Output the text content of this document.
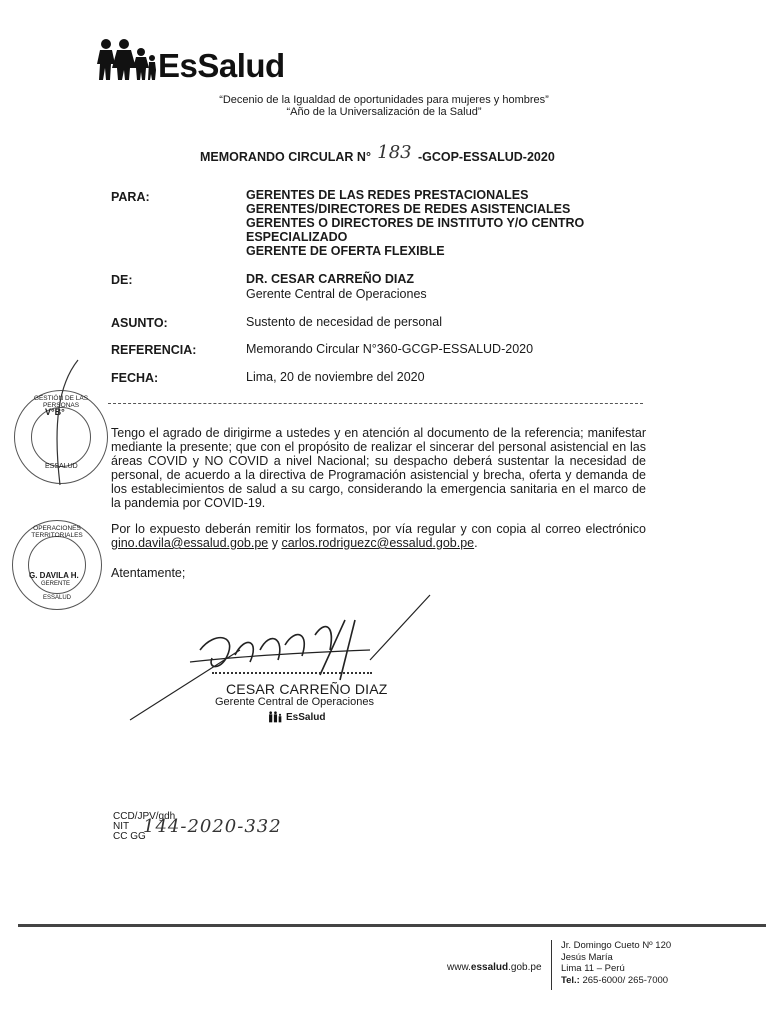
EsSalud
“Decenio de la Igualdad de oportunidades para mujeres y hombres”
“Año de la Universalización de la Salud”
MEMORANDO CIRCULAR N° 183 -GCOP-ESSALUD-2020
PARA:	GERENTES DE LAS REDES PRESTACIONALES
GERENTES/DIRECTORES DE REDES ASISTENCIALES
GERENTES O DIRECTORES DE INSTITUTO Y/O CENTRO
ESPECIALIZADO
GERENTE DE OFERTA FLEXIBLE
DE:	DR. CESAR CARREÑO DIAZ
Gerente Central de Operaciones
ASUNTO:	Sustento de necesidad de personal
REFERENCIA:	Memorando Circular N°360-GCGP-ESSALUD-2020
FECHA:	Lima, 20 de noviembre del 2020
GESTIÓN DE LAS PERSONAS
V°B°
ESSALUD
OPERACIONES TERRITORIALES
G. DAVILA H.
GERENTE
ESSALUD
Tengo el agrado de dirigirme a ustedes y en atención al documento de la referencia; manifestar mediante la presente; que con el propósito de realizar el sincerar del personal asistencial en las áreas COVID y NO COVID a nivel Nacional; su despacho deberá sustentar la necesidad de personal, de acuerdo a la directiva de Programación asistencial y brecha, oferta y demanda de los establecimientos de salud a su cargo, considerando la emergencia sanitaria en el marco de la pandemia por COVID-19.
Por lo expuesto deberán remitir los formatos, por vía regular y con copia al correo electrónico gino.davila@essalud.gob.pe y carlos.rodriguezc@essalud.gob.pe.
Atentamente;
CESAR CARREÑO DIAZ
Gerente Central de Operaciones
EsSalud
CCD/JPV/gdh
NIT
CC GG
144-2020-332
www.essalud.gob.pe
Jr. Domingo Cueto Nº 120
Jesús María
Lima 11 – Perú
Tel.: 265-6000/ 265-7000
